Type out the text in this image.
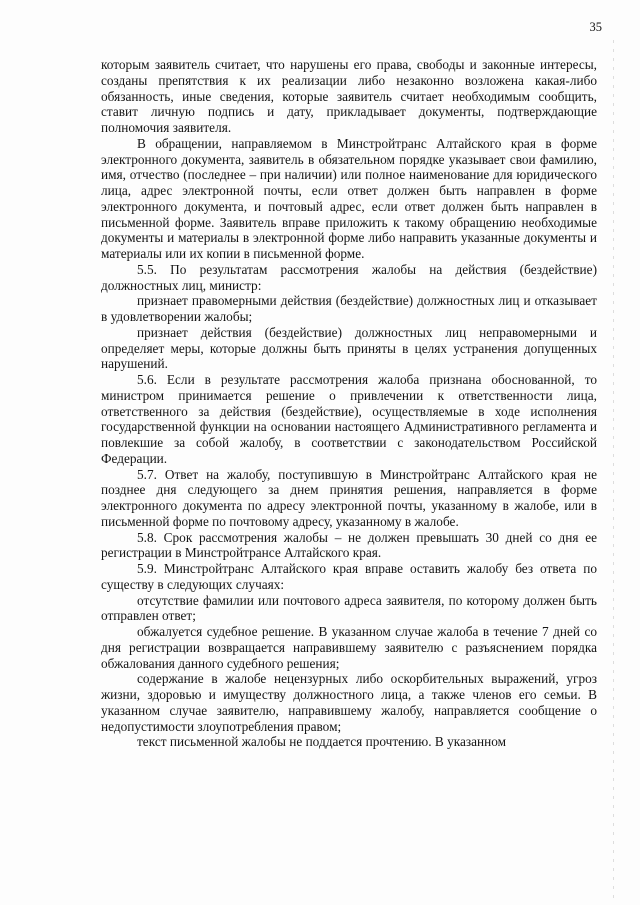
35

которым заявитель считает, что нарушены его права, свободы и законные интересы, созданы препятствия к их реализации либо незаконно возложена какая-либо обязанность, иные сведения, которые заявитель считает необходимым сообщить, ставит личную подпись и дату, прикладывает документы, подтверждающие полномочия заявителя.

В обращении, направляемом в Минстройтранс Алтайского края в форме электронного документа, заявитель в обязательном порядке указывает свои фамилию, имя, отчество (последнее – при наличии) или полное наименование для юридического лица, адрес электронной почты, если ответ должен быть направлен в форме электронного документа, и почтовый адрес, если ответ должен быть направлен в письменной форме. Заявитель вправе приложить к такому обращению необходимые документы и материалы в электронной форме либо направить указанные документы и материалы или их копии в письменной форме.

5.5. По результатам рассмотрения жалобы на действия (бездействие) должностных лиц, министр:

признает правомерными действия (бездействие) должностных лиц и отказывает в удовлетворении жалобы;

признает действия (бездействие) должностных лиц неправомерными и определяет меры, которые должны быть приняты в целях устранения допущенных нарушений.

5.6. Если в результате рассмотрения жалоба признана обоснованной, то министром принимается решение о привлечении к ответственности лица, ответственного за действия (бездействие), осуществляемые в ходе исполнения государственной функции на основании настоящего Административного регламента и повлекшие за собой жалобу, в соответствии с законодательством Российской Федерации.

5.7. Ответ на жалобу, поступившую в Минстройтранс Алтайского края не позднее дня следующего за днем принятия решения, направляется в форме электронного документа по адресу электронной почты, указанному в жалобе, или в письменной форме по почтовому адресу, указанному в жалобе.

5.8. Срок рассмотрения жалобы – не должен превышать 30 дней со дня ее регистрации в Минстройтрансе Алтайского края.

5.9. Минстройтранс Алтайского края вправе оставить жалобу без ответа по существу в следующих случаях:

отсутствие фамилии или почтового адреса заявителя, по которому должен быть отправлен ответ;

обжалуется судебное решение. В указанном случае жалоба в течение 7 дней со дня регистрации возвращается направившему заявителю с разъяснением порядка обжалования данного судебного решения;

содержание в жалобе нецензурных либо оскорбительных выражений, угроз жизни, здоровью и имуществу должностного лица, а также членов его семьи. В указанном случае заявителю, направившему жалобу, направляется сообщение о недопустимости злоупотребления правом;

текст письменной жалобы не поддается прочтению. В указанном
